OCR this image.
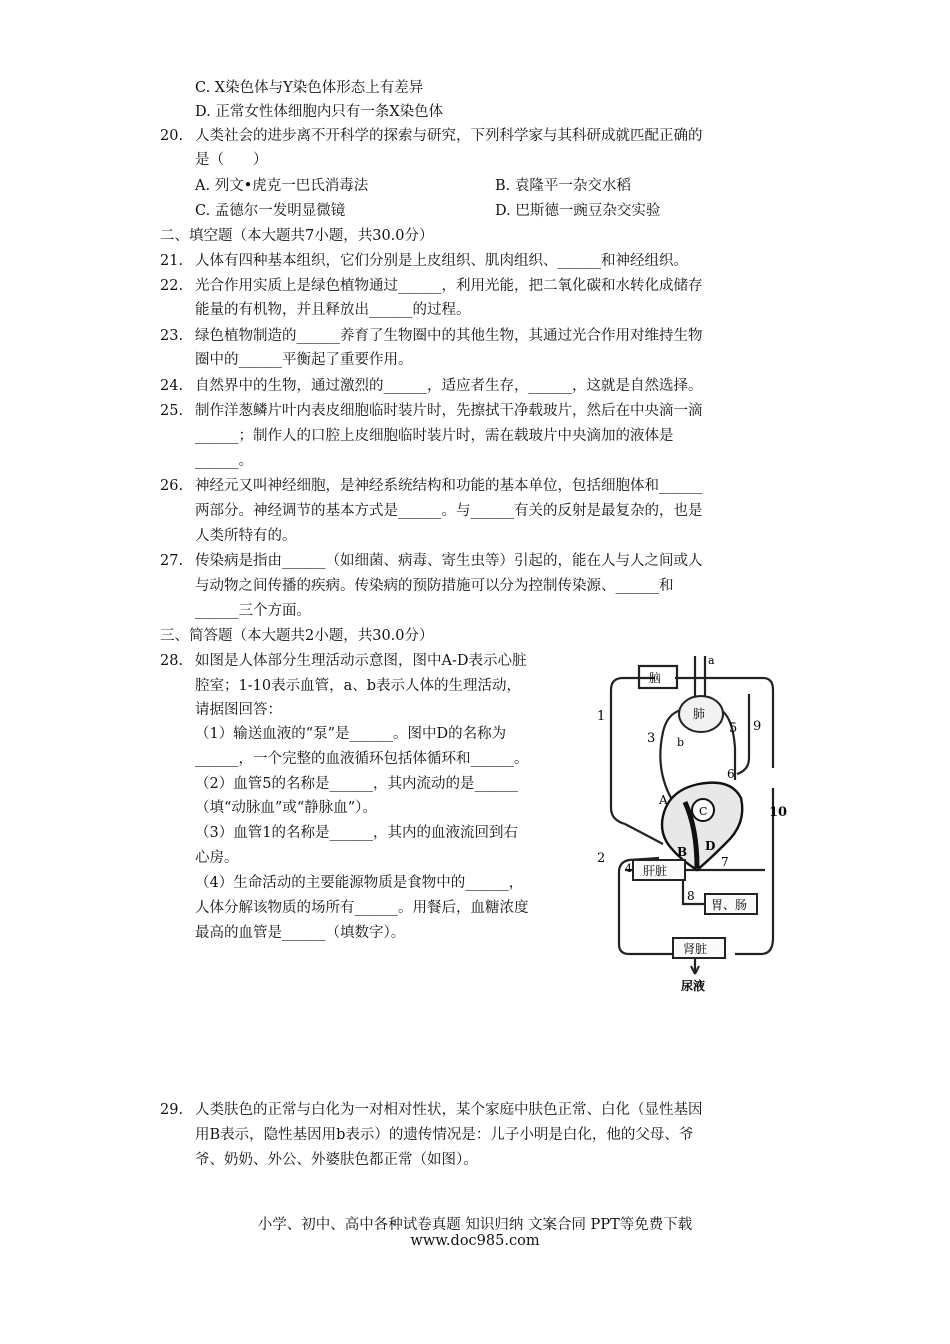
C. X染色体与Y染色体形态上有差异
D. 正常女性体细胞内只有一条X染色体
20. 人类社会的进步离不开科学的探索与研究，下列科学家与其科研成就匹配正确的
是（　　）
A. 列文•虎克一巴氏消毒法	B. 袁隆平一杂交水稻
C. 孟德尔一发明显微镜	D. 巴斯德一豌豆杂交实验
二、填空题（本大题共7小题，共30.0分）
21. 人体有四种基本组织，它们分别是上皮组织、肌肉组织、______和神经组织。
22. 光合作用实质上是绿色植物通过______，利用光能，把二氧化碳和水转化成储存
能量的有机物，并且释放出______的过程。
23. 绿色植物制造的______养育了生物圈中的其他生物，其通过光合作用对维持生物
圈中的______平衡起了重要作用。
24. 自然界中的生物，通过激烈的______，适应者生存，______，这就是自然选择。
25. 制作洋葱鳞片叶内表皮细胞临时装片时，先擦拭干净载玻片，然后在中央滴一滴
______；制作人的口腔上皮细胞临时装片时，需在载玻片中央滴加的液体是
______。
26. 神经元又叫神经细胞，是神经系统结构和功能的基本单位，包括细胞体和______
两部分。神经调节的基本方式是______。与______有关的反射是最复杂的，也是
人类所特有的。
27. 传染病是指由______（如细菌、病毒、寄生虫等）引起的，能在人与人之间或人
与动物之间传播的疾病。传染病的预防措施可以分为控制传染源、______和
______三个方面。
三、简答题（本大题共2小题，共30.0分）
28. 如图是人体部分生理活动示意图，图中A-D表示心脏
腔室；1-10表示血管，a、b表示人体的生理活动，
请据图回答：
（1）输送血液的“泵”是______。图中D的名称为
______，一个完整的血液循环包括体循环和______。
（2）血管5的名称是______，其内流动的是______
（填“动脉血”或“静脉血”）。
（3）血管1的名称是______，其内的血液流回到右
心房。
（4）生命活动的主要能源物质是食物中的______，
人体分解该物质的场所有______。用餐后，血糖浓度
最高的血管是______（填数字）。
脑
肺
肝脏
胃、肠
肾脏
尿液
a
b
A
B
C
D
1
2
3
4
5
6
7
8
9
10
29. 人类肤色的正常与白化为一对相对性状，某个家庭中肤色正常、白化（显性基因
用B表示，隐性基因用b表示）的遗传情况是：儿子小明是白化，他的父母、爷
爷、奶奶、外公、外婆肤色都正常（如图）。
小学、初中、高中各种试卷真题 知识归纳 文案合同 PPT等免费下载
www.doc985.com
